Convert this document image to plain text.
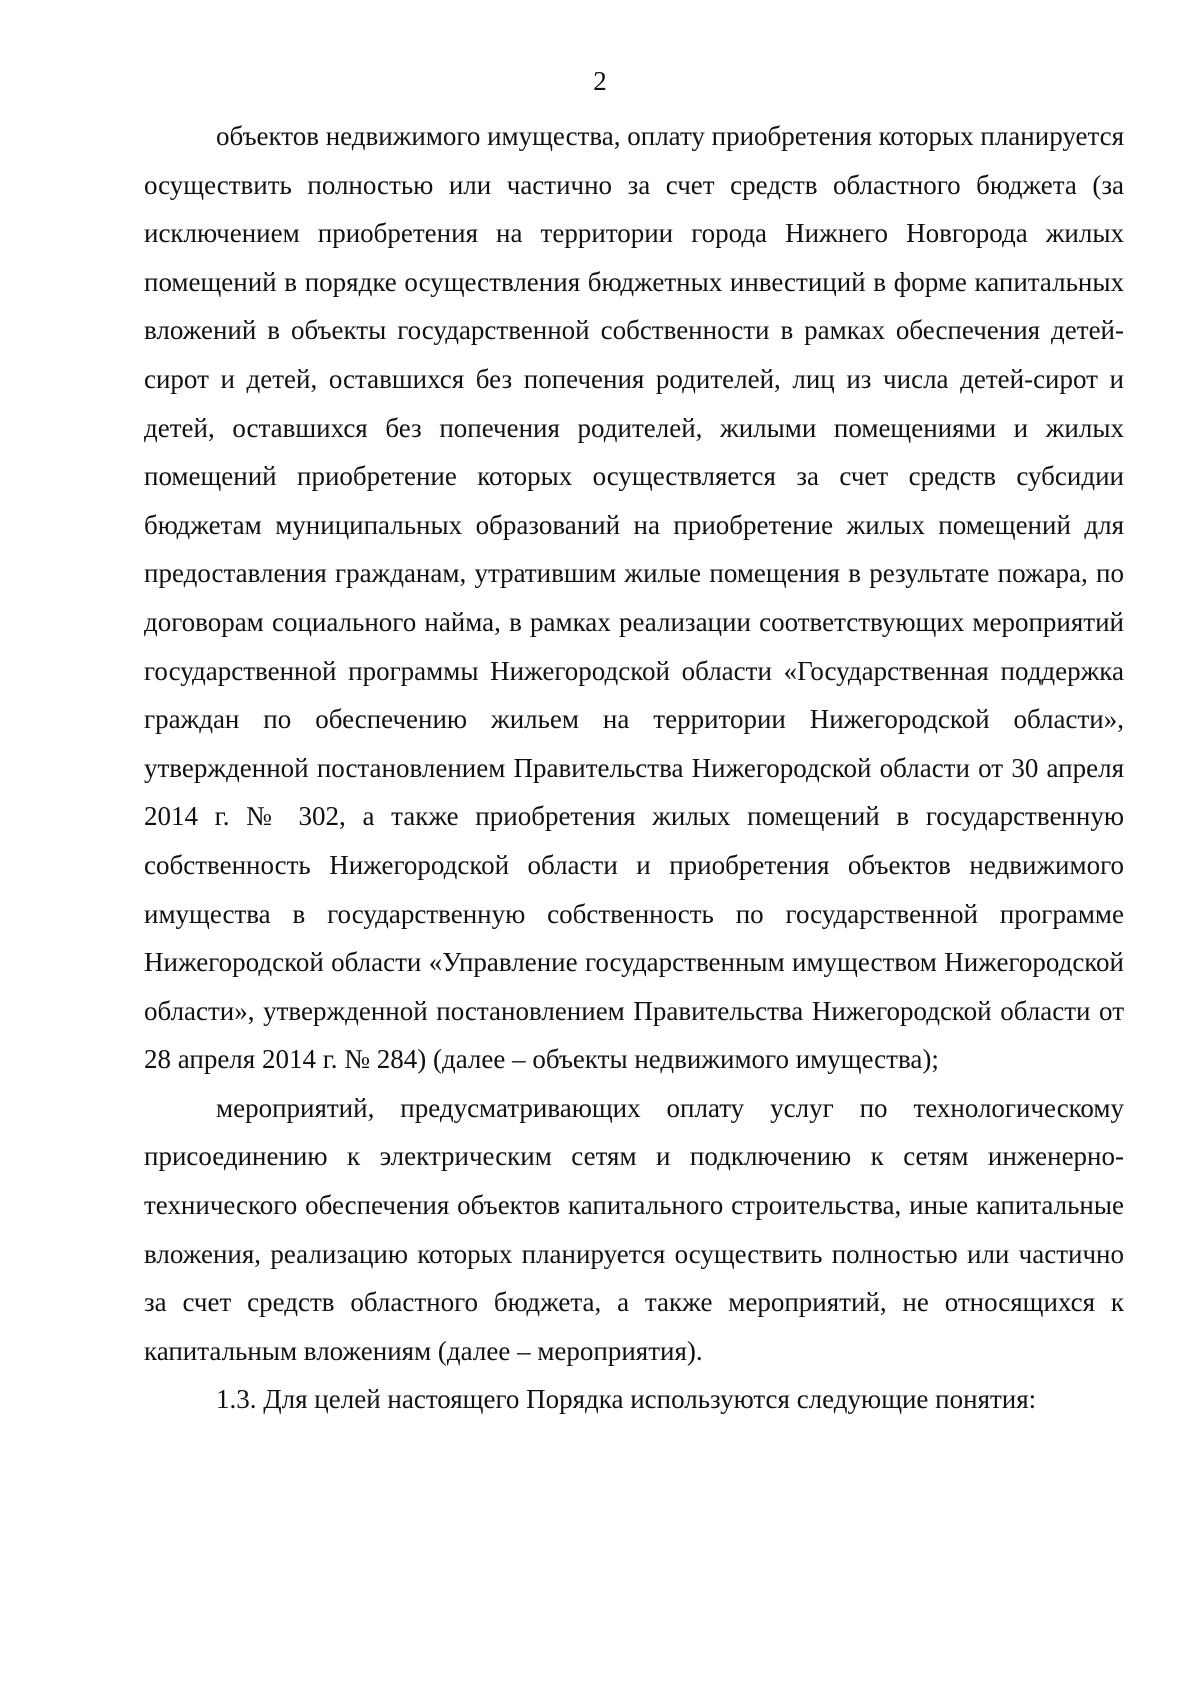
2

объектов недвижимого имущества, оплату приобретения которых планируется осуществить полностью или частично за счет средств областного бюджета (за исключением приобретения на территории города Нижнего Новгорода жилых помещений в порядке осуществления бюджетных инвестиций в форме капитальных вложений в объекты государственной собственности в рамках обеспечения детей-сирот и детей, оставшихся без попечения родителей, лиц из числа детей-сирот и детей, оставшихся без попечения родителей, жилыми помещениями и жилых помещений приобретение которых осуществляется за счет средств субсидии бюджетам муниципальных образований на приобретение жилых помещений для предоставления гражданам, утратившим жилые помещения в результате пожара, по договорам социального найма, в рамках реализации соответствующих мероприятий государственной программы Нижегородской области «Государственная поддержка граждан по обеспечению жильем на территории Нижегородской области», утвержденной постановлением Правительства Нижегородской области от 30 апреля 2014 г. № 302, а также приобретения жилых помещений в государственную собственность Нижегородской области и приобретения объектов недвижимого имущества в государственную собственность по государственной программе Нижегородской области «Управление государственным имуществом Нижегородской области», утвержденной постановлением Правительства Нижегородской области от 28 апреля 2014 г. № 284) (далее – объекты недвижимого имущества);

мероприятий, предусматривающих оплату услуг по технологическому присоединению к электрическим сетям и подключению к сетям инженерно-технического обеспечения объектов капитального строительства, иные капитальные вложения, реализацию которых планируется осуществить полностью или частично за счет средств областного бюджета, а также мероприятий, не относящихся к капитальным вложениям (далее – мероприятия).

1.3. Для целей настоящего Порядка используются следующие понятия:
